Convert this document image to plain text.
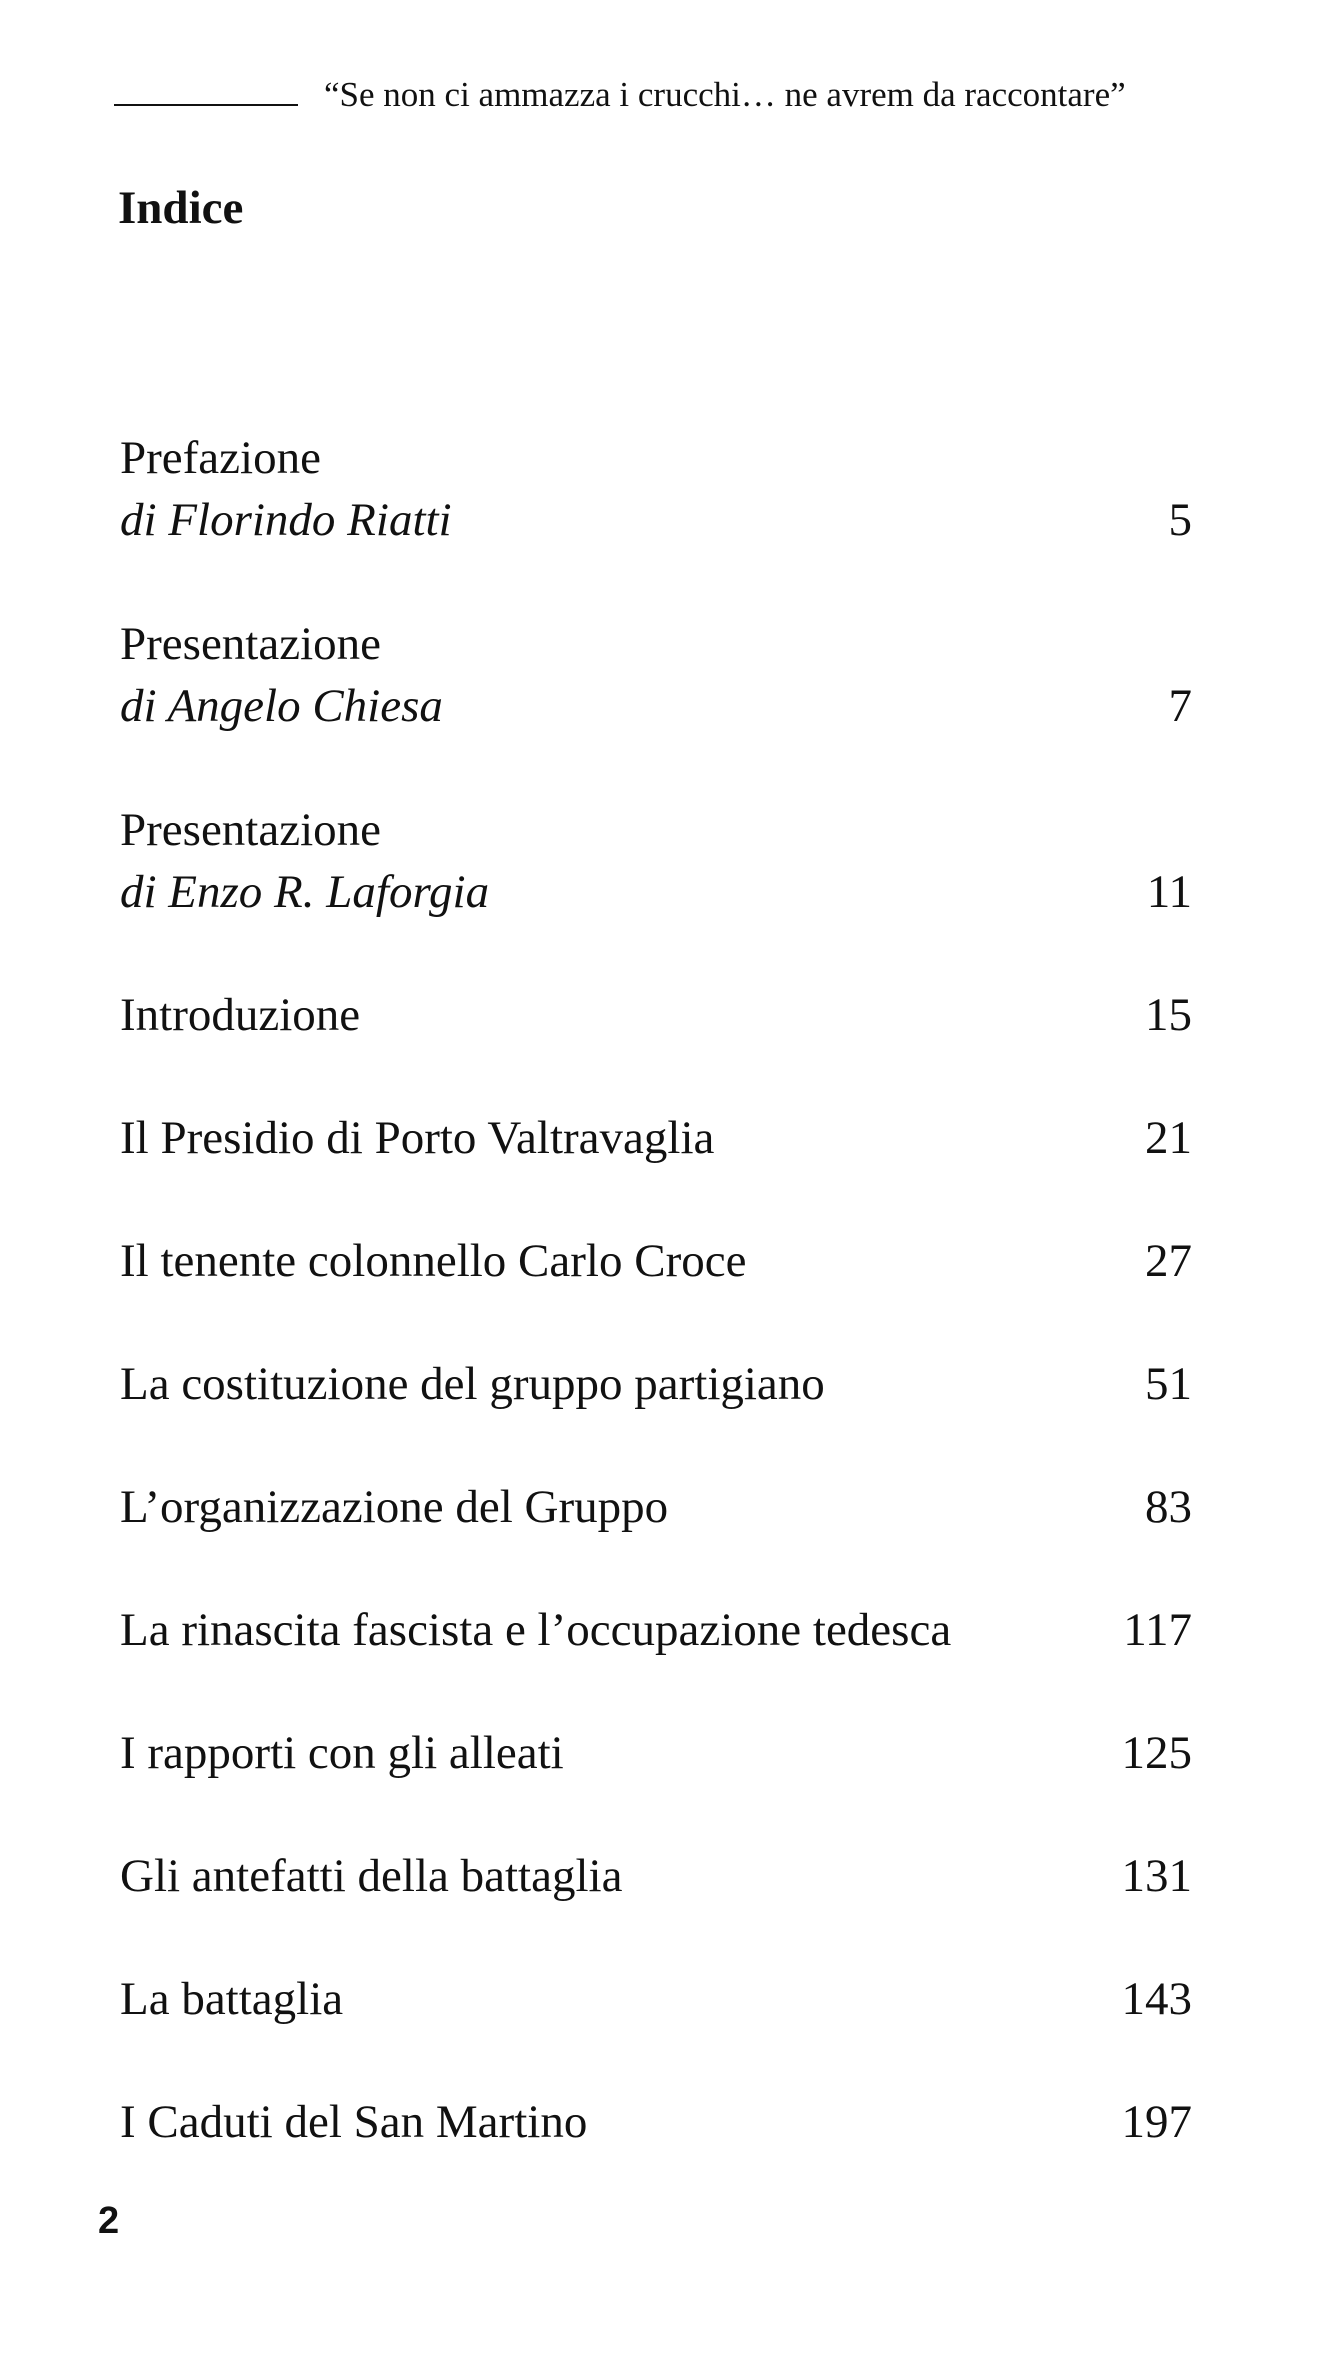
“Se non ci ammazza i crucchi… ne avrem da raccontare”
Indice
Prefazione
di Florindo Riatti	5
Presentazione
di Angelo Chiesa	7
Presentazione
di Enzo R. Laforgia	11
Introduzione	15
Il Presidio di Porto Valtravaglia	21
Il tenente colonnello Carlo Croce	27
La costituzione del gruppo partigiano	51
L’organizzazione del Gruppo	83
La rinascita fascista e l’occupazione tedesca	117
I rapporti con gli alleati	125
Gli antefatti della battaglia	131
La battaglia	143
I Caduti del San Martino	197
2
